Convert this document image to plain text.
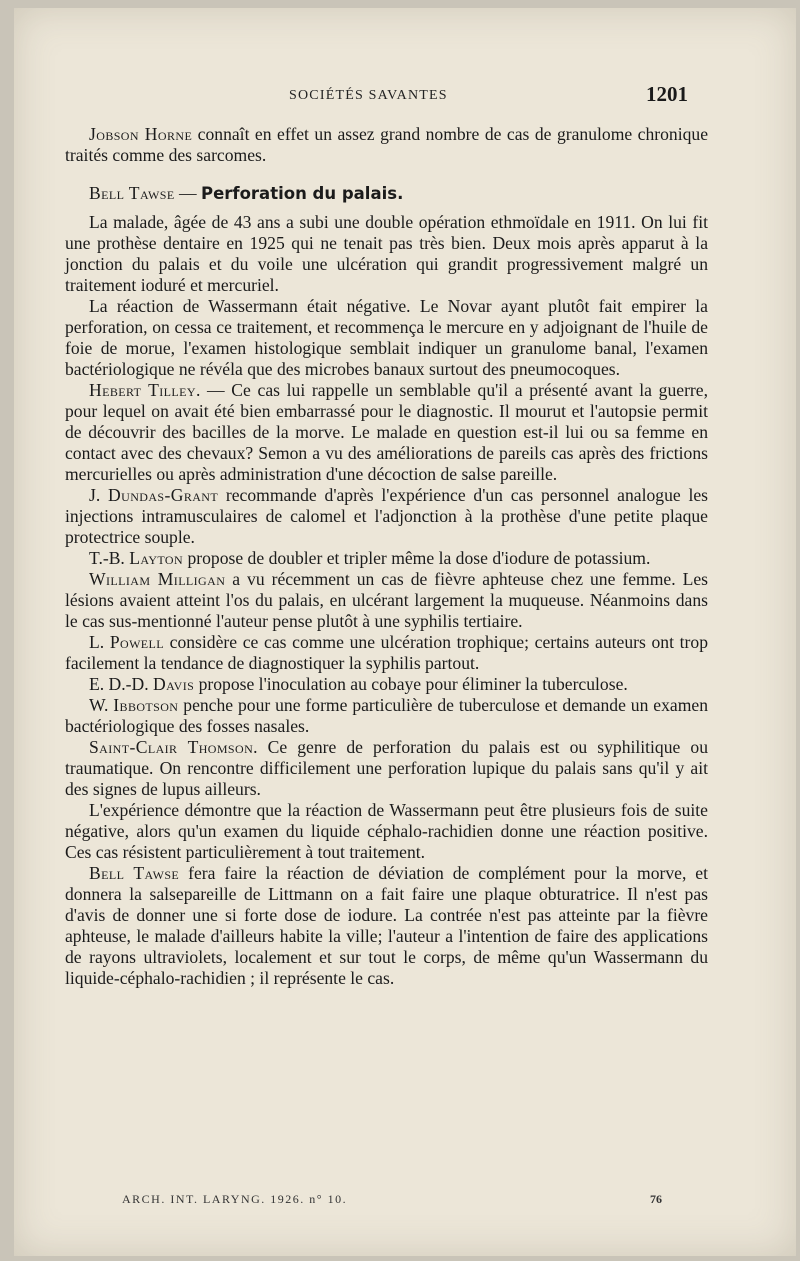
SOCIÉTÉS SAVANTES	1201

Jobson Horne connaît en effet un assez grand nombre de cas de granulome chronique traités comme des sarcomes.

Bell Tawse — Perforation du palais.

La malade, âgée de 43 ans a subi une double opération ethmoïdale en 1911. On lui fit une prothèse dentaire en 1925 qui ne tenait pas très bien. Deux mois après apparut à la jonction du palais et du voile une ulcération qui grandit progressivement malgré un traitement ioduré et mercuriel.

La réaction de Wassermann était négative. Le Novar ayant plutôt fait empirer la perforation, on cessa ce traitement, et recommença le mercure en y adjoignant de l'huile de foie de morue, l'examen histologique semblait indiquer un granulome banal, l'examen bactériologique ne révéla que des microbes banaux surtout des pneumocoques.

Hebert Tilley. — Ce cas lui rappelle un semblable qu'il a présenté avant la guerre, pour lequel on avait été bien embarrassé pour le diagnostic. Il mourut et l'autopsie permit de découvrir des bacilles de la morve. Le malade en question est-il lui ou sa femme en contact avec des chevaux? Semon a vu des améliorations de pareils cas après des frictions mercurielles ou après administration d'une décoction de salse pareille.

J. Dundas-Grant recommande d'après l'expérience d'un cas personnel analogue les injections intramusculaires de calomel et l'adjonction à la prothèse d'une petite plaque protectrice souple.

T.-B. Layton propose de doubler et tripler même la dose d'iodure de potassium.

William Milligan a vu récemment un cas de fièvre aphteuse chez une femme. Les lésions avaient atteint l'os du palais, en ulcérant largement la muqueuse. Néanmoins dans le cas sus-mentionné l'auteur pense plutôt à une syphilis tertiaire.

L. Powell considère ce cas comme une ulcération trophique; certains auteurs ont trop facilement la tendance de diagnostiquer la syphilis partout.

E. D.-D. Davis propose l'inoculation au cobaye pour éliminer la tuberculose.

W. Ibbotson penche pour une forme particulière de tuberculose et demande un examen bactériologique des fosses nasales.

Saint-Clair Thomson. Ce genre de perforation du palais est ou syphilitique ou traumatique. On rencontre difficilement une perforation lupique du palais sans qu'il y ait des signes de lupus ailleurs.

L'expérience démontre que la réaction de Wassermann peut être plusieurs fois de suite négative, alors qu'un examen du liquide céphalo-rachidien donne une réaction positive. Ces cas résistent particulièrement à tout traitement.

Bell Tawse fera faire la réaction de déviation de complément pour la morve, et donnera la salsepareille de Littmann on a fait faire une plaque obturatrice. Il n'est pas d'avis de donner une si forte dose de iodure. La contrée n'est pas atteinte par la fièvre aphteuse, le malade d'ailleurs habite la ville; l'auteur a l'intention de faire des applications de rayons ultraviolets, localement et sur tout le corps, de même qu'un Wassermann du liquide-céphalo-rachidien ; il représente le cas.

ARCH. INT. LARYNG. 1926. n° 10.	76
